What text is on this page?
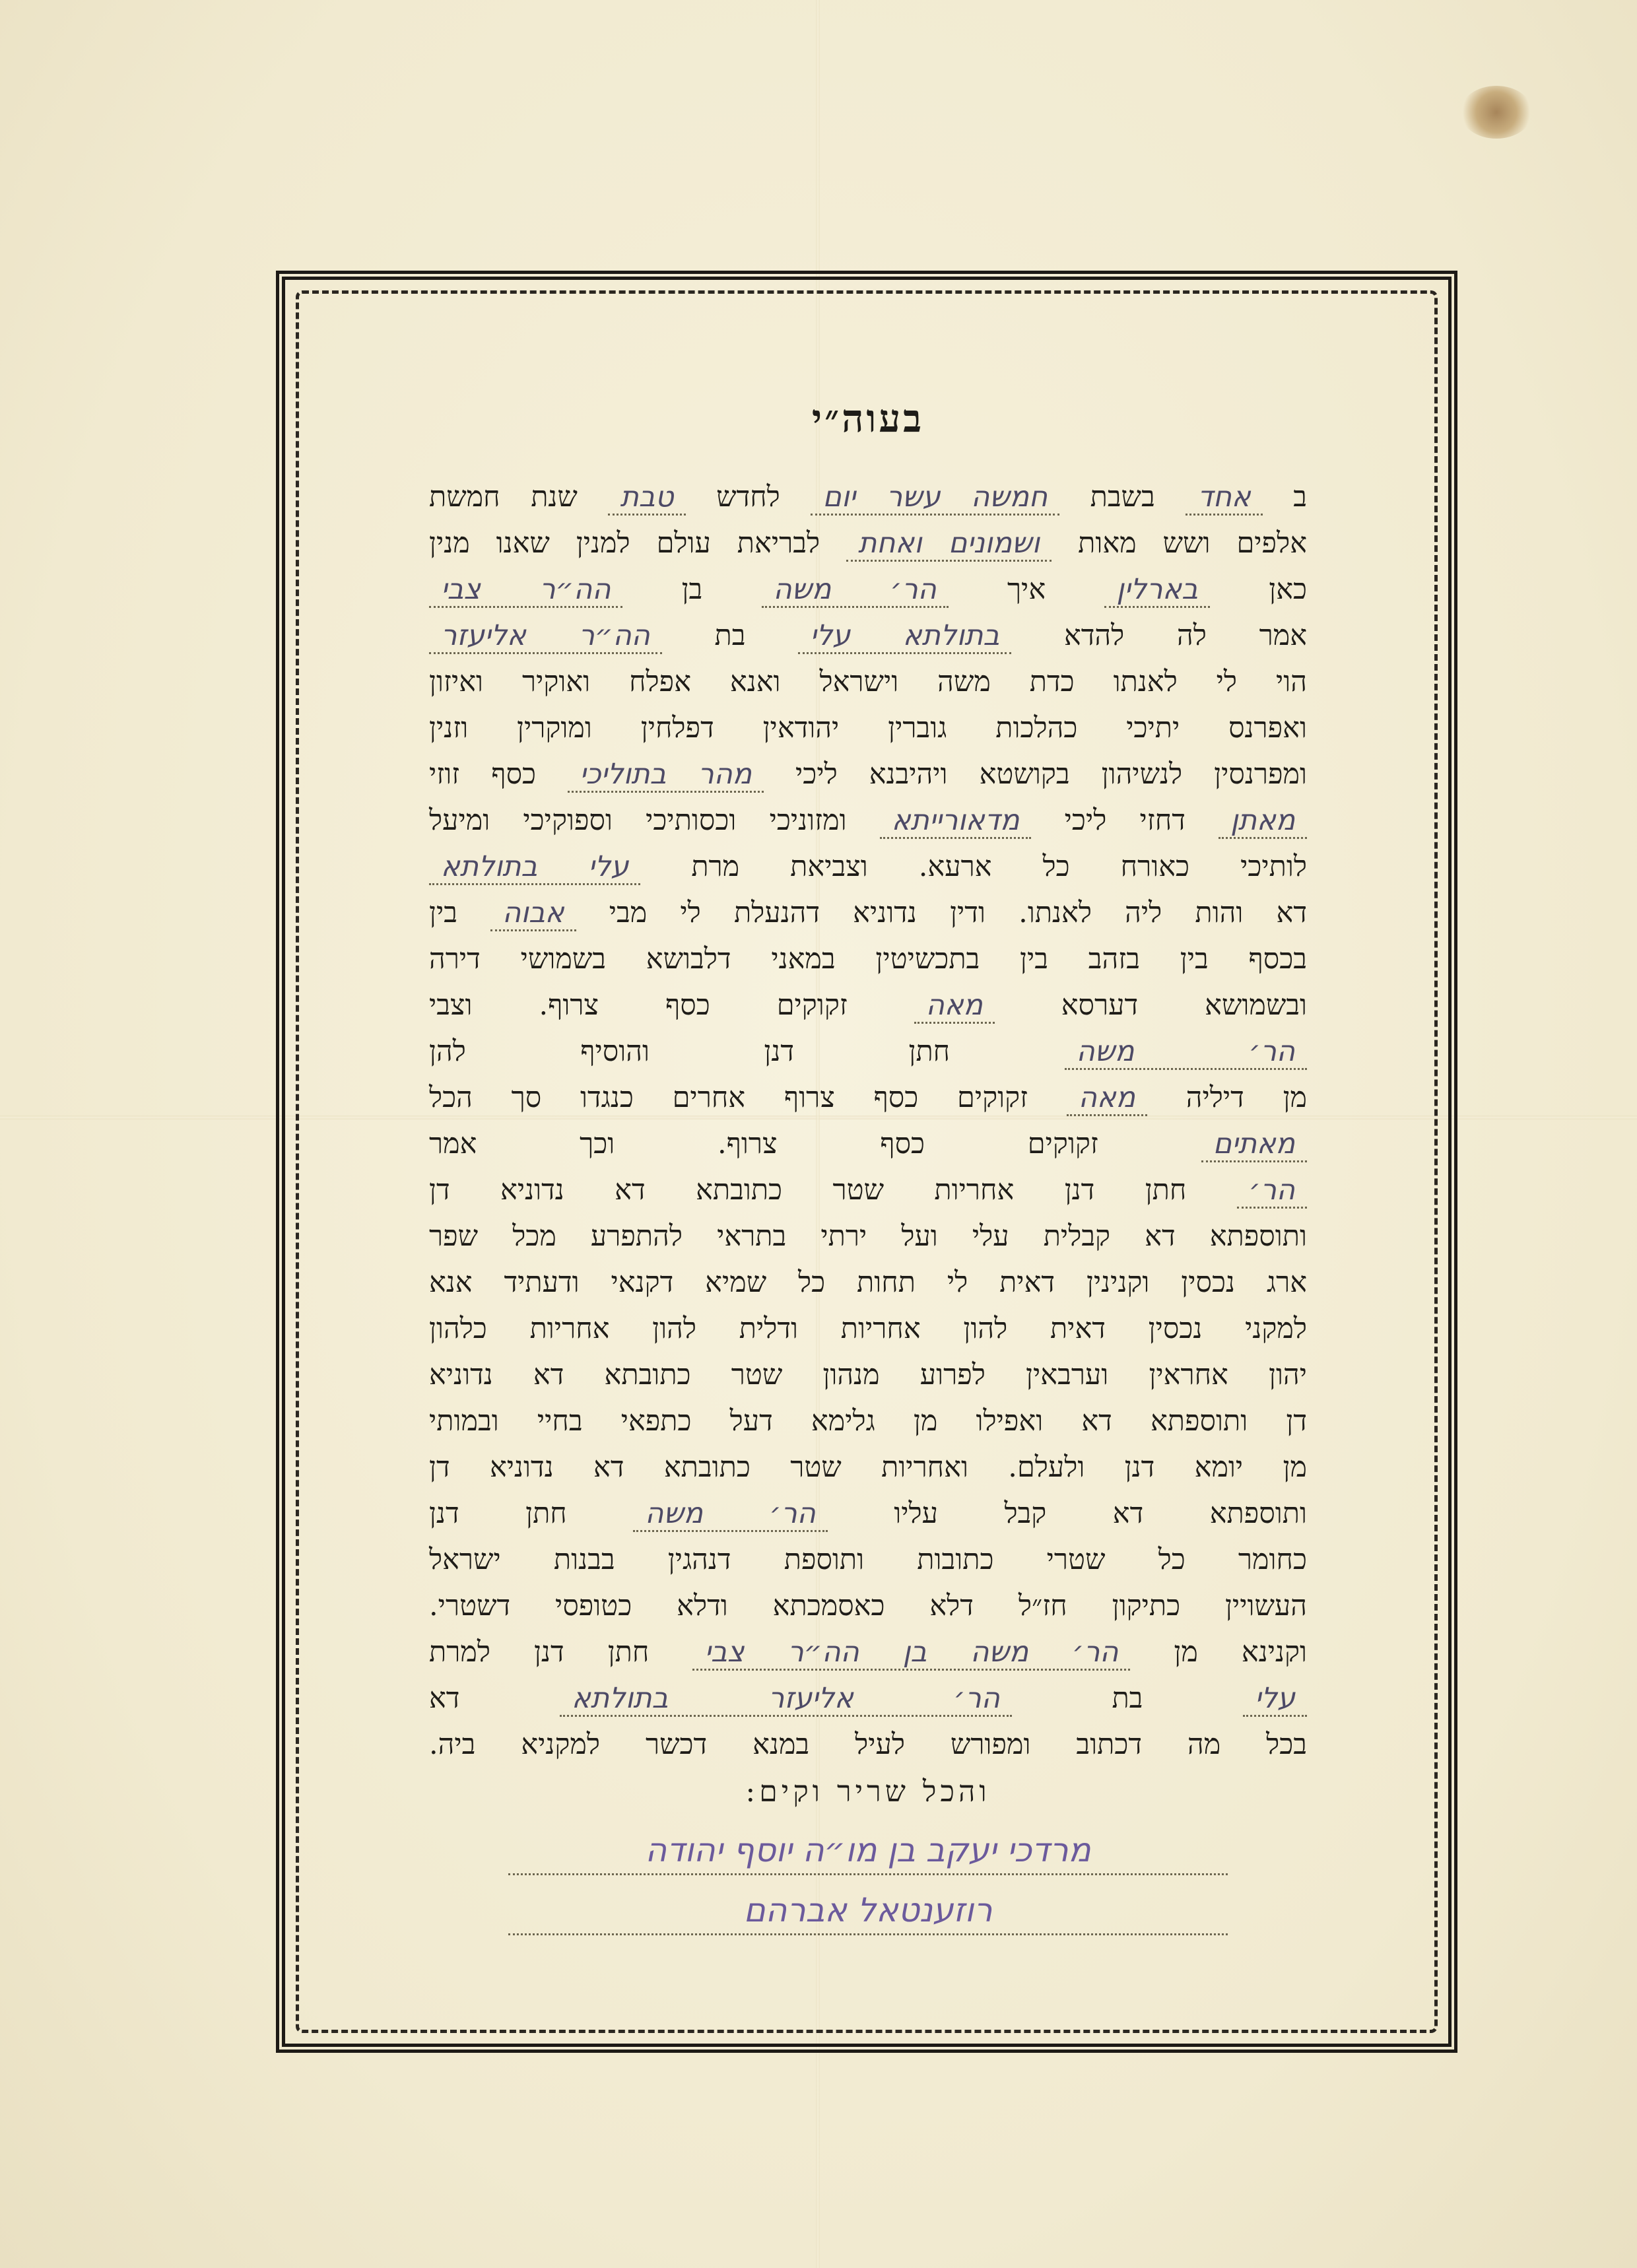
בעוה״י
ב אחד בשבת חמשה עשר יום לחדש טבת שנת חמשת
אלפים ושש מאות ושמונים ואחת לבריאת עולם למנין שאנו מנין
כאן בארלין איך הר׳ משה בן הה״ר צבי
אמר לה להדא בתולתא עלי בת הה״ר אליעזר
הוי לי לאנתו כדת משה וישראל ואנא אפלח ואוקיר ואיזון
ואפרנס יתיכי כהלכות גוברין יהודאין דפלחין ומוקרין וזנין
ומפרנסין לנשיהון בקושטא ויהיבנא ליכי מהר בתוליכי כסף זוזי
מאתן דחזי ליכי מדאורייתא ומזוניכי וכסותיכי וספוקיכי ומיעל
לותיכי כאורח כל ארעא. וצביאת מרת עלי בתולתא
דא והות ליה לאנתו. ודין נדוניא דהנעלת לי מבי אבוה בין
בכסף בין בזהב בין בתכשיטין במאני דלבושא בשמושי דירה
ובשמושא דערסא מאה זקוקים כסף צרוף. וצבי
הר׳ משה חתן דנן והוסיף להן
מן דיליה מאה זקוקים כסף צרוף אחרים כנגדו סך הכל
מאתים זקוקים כסף צרוף. וכך אמר
הר׳ חתן דנן אחריות שטר כתובתא דא נדוניא דן
ותוספתא דא קבלית עלי ועל ירתי בתראי להתפרע מכל שפר
ארג נכסין וקנינין דאית לי תחות כל שמיא דקנאי ודעתיד אנא
למקני נכסין דאית להון אחריות ודלית להון אחריות כלהון
יהון אחראין וערבאין לפרוע מנהון שטר כתובתא דא נדוניא
דן ותוספתא דא ואפילו מן גלימא דעל כתפאי בחיי ובמותי
מן יומא דנן ולעלם. ואחריות שטר כתובתא דא נדוניא דן
ותוספתא דא קבל עליו הר׳ משה חתן דנן
כחומר כל שטרי כתובות ותוספת דנהגין בבנות ישראל
העשויין כתיקון חז״ל דלא כאסמכתא ודלא כטופסי דשטרי.
וקנינא מן הר׳ משה בן הה״ר צבי חתן דנן למרת
עלי בת הר׳ אליעזר בתולתא דא
בכל מה דכתוב ומפורש לעיל במנא דכשר למקניא ביה.
והכל שריר וקים:
מרדכי יעקב בן מו״ה יוסף יהודה
רוזענטאל אברהם
